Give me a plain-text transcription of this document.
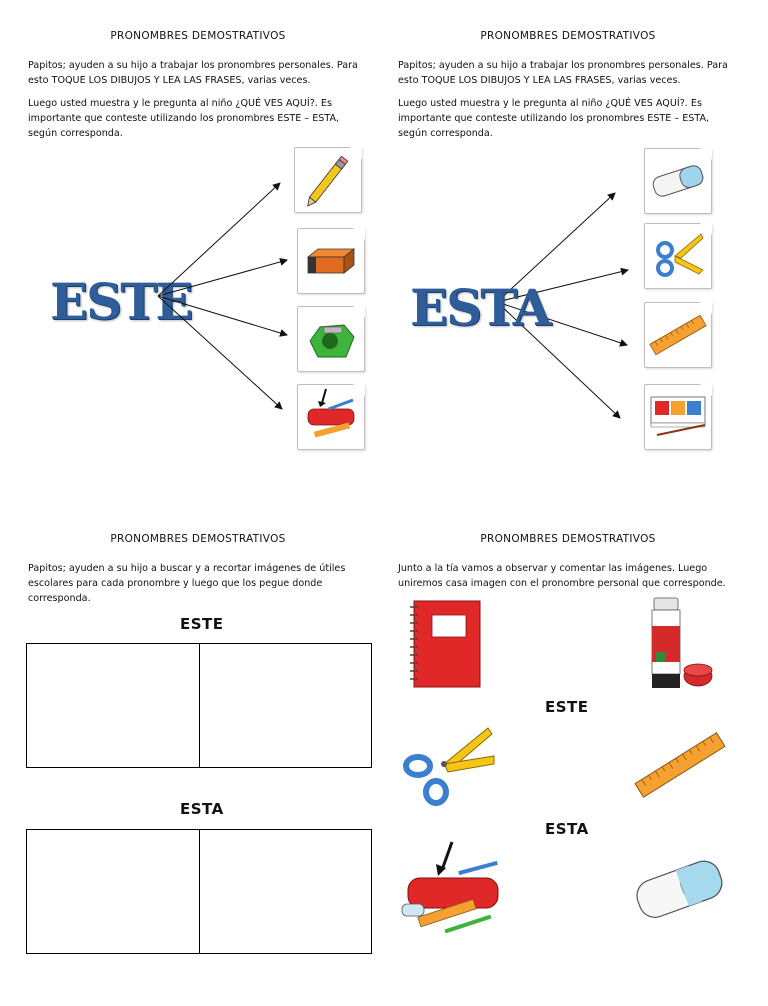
PRONOMBRES DEMOSTRATIVOS
Papitos; ayuden a su hijo a trabajar los pronombres personales. Para esto TOQUE LOS DIBUJOS Y LEA LAS FRASES, varias veces.
Luego usted muestra y le pregunta al niño ¿QUÉ VES AQUÍ?. Es importante que conteste utilizando los pronombres ESTE – ESTA, según corresponda.
ESTE
PRONOMBRES DEMOSTRATIVOS
Papitos; ayuden a su hijo a trabajar los pronombres personales. Para esto TOQUE LOS DIBUJOS Y LEA LAS FRASES, varias veces.
Luego usted muestra y le pregunta al niño ¿QUÉ VES AQUÍ?. Es importante que conteste utilizando los pronombres ESTE – ESTA, según corresponda.
ESTA
PRONOMBRES DEMOSTRATIVOS
Papitos; ayuden a su hijo a buscar y a recortar imágenes de útiles escolares para cada pronombre y luego que los pegue donde corresponda.
ESTE
ESTA
PRONOMBRES DEMOSTRATIVOS
Junto a la tía vamos a observar y comentar las imágenes. Luego uniremos casa imagen con el pronombre personal que corresponde.
ESTE
ESTA
